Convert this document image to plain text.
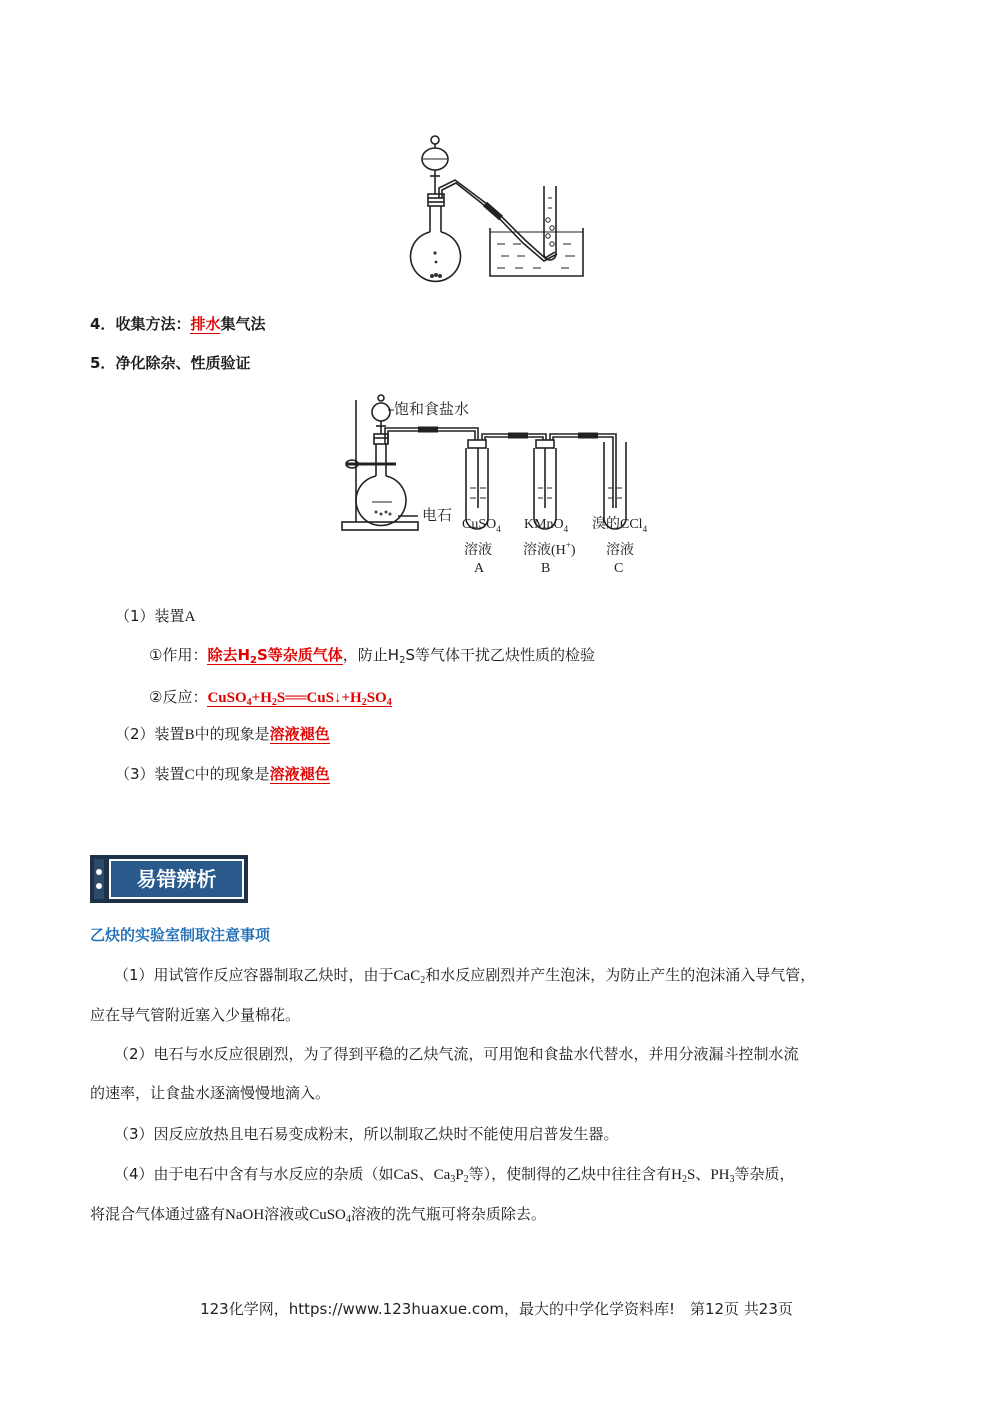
4．收集方法：排水集气法
5．净化除杂、性质验证
饱和食盐水
电石
CuSO$_4$
溶液
A
KMnO$_4$
溶液(H+)
B
溴的CCl$_4$
溶液
C
（1）装置A
①作用：除去$H_2S$等杂质气体，防止$H_2S$等气体干扰乙炔性质的检验
②反应：$CuSO_4+H_2S══CuS↓+H_2SO_4$
（2）装置B中的现象是溶液褪色
（3）装置C中的现象是溶液褪色
易错辨析
乙炔的实验室制取注意事项
（1）用试管作反应容器制取乙炔时，由于CaC$_2$和水反应剧烈并产生泡沫，为防止产生的泡沫涌入导气管，
应在导气管附近塞入少量棉花。
（2）电石与水反应很剧烈，为了得到平稳的乙炔气流，可用饱和食盐水代替水，并用分液漏斗控制水流
的速率，让食盐水逐滴慢慢地滴入。
（3）因反应放热且电石易变成粉末，所以制取乙炔时不能使用启普发生器。
（4）由于电石中含有与水反应的杂质（如CaS、$Ca_3P_2$等），使制得的乙炔中往往含有$H_2S$、$PH_3$等杂质，
将混合气体通过盛有NaOH溶液或CuSO$_4$溶液的洗气瓶可将杂质除去。
123化学网，https://www.123huaxue.com，最大的中学化学资料库!　第12页 共23页
